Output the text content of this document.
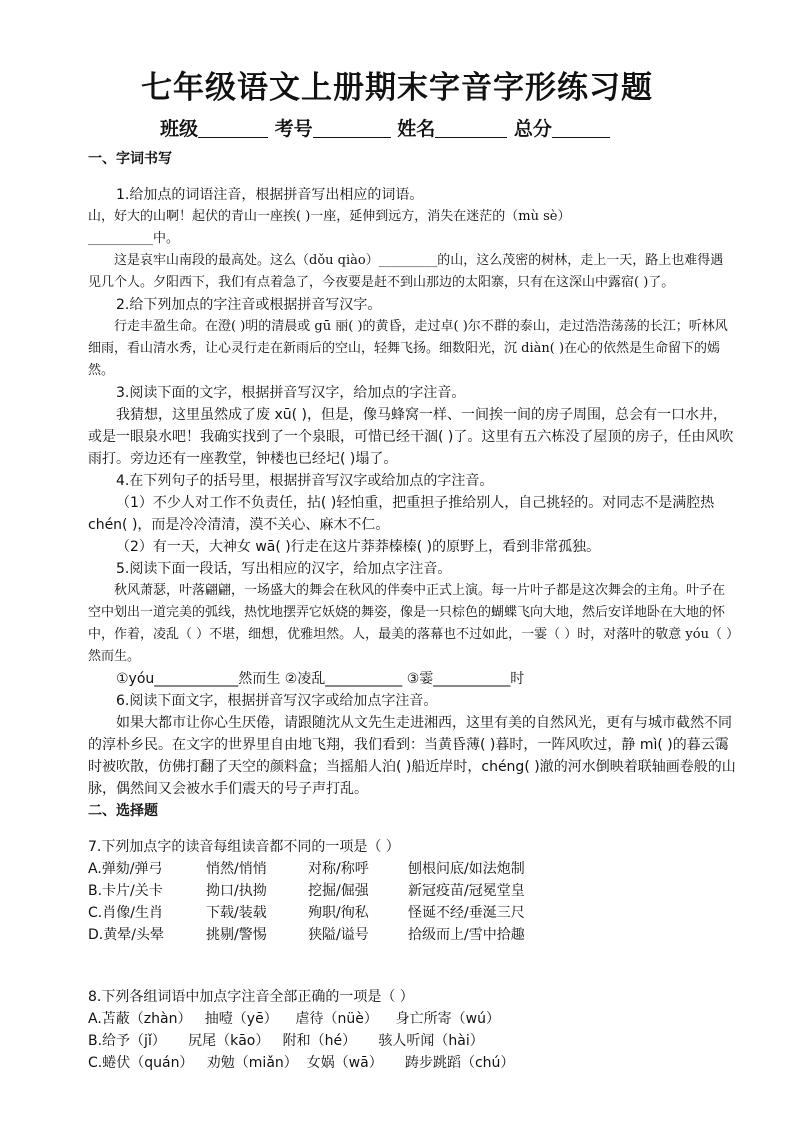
七年级语文上册期末字音字形练习题
班级	考号	姓名	总分

一、字词书写

1.给加点的词语注音，根据拼音写出相应的词语。

山，好大的山啊！起伏的青山一座挨( )一座，延伸到远方，消失在迷茫的（mù sè）

__________中。

这是哀牢山南段的最高处。这么（dǒu qiào）_________的山，这么茂密的树林，走上一天，路上也难得遇见几个人。夕阳西下，我们有点着急了，今夜要是赶不到山那边的太阳寨，只有在这深山中露宿( )了。

2.给下列加点的字注音或根据拼音写汉字。

行走丰盈生命。在澄( )明的清晨或 gū 丽( )的黄昏，走过卓( )尔不群的泰山，走过浩浩荡荡的长江；听林风细雨，看山清水秀，让心灵行走在新雨后的空山，轻舞飞扬。细数阳光，沉 diàn( )在心的依然是生命留下的嫣然。

3.阅读下面的文字，根据拼音写汉字，给加点的字注音。

我猜想，这里虽然成了废 xū( )，但是，像马蜂窝一样、一间挨一间的房子周围，总会有一口水井，或是一眼泉水吧！我确实找到了一个泉眼，可惜已经干涸( )了。这里有五六栋没了屋顶的房子，任由风吹雨打。旁边还有一座教堂，钟楼也已经圮( )塌了。

4.在下列句子的括号里，根据拼音写汉字或给加点的字注音。

（1）不少人对工作不负责任，拈( )轻怕重，把重担子推给别人，自己挑轻的。对同志不是满腔热 chén( )，而是冷冷清清，漠不关心、麻木不仁。

（2）有一天，大神女 wā( )行走在这片莽莽榛榛( )的原野上，看到非常孤独。

5.阅读下面一段话，写出相应的汉字，给加点字注音。

秋风萧瑟，叶落翩翩，一场盛大的舞会在秋风的伴奏中正式上演。每一片叶子都是这次舞会的主角。叶子在空中划出一道完美的弧线，热忱地摆弄它妖娆的舞姿，像是一只棕色的蝴蝶飞向大地，然后安详地卧在大地的怀中，作着，凌乱（ ）不堪，细想，优雅坦然。人，最美的落幕也不过如此，一霎（ ）时，对落叶的敬意 yóu（ ）然而生。

①yóu____________然而生 ②凌乱___________ ③霎___________时

6.阅读下面文字，根据拼音写汉字或给加点字注音。

如果大都市让你心生厌倦，请跟随沈从文先生走进湘西，这里有美的自然风光，更有与城市截然不同的淳朴乡民。在文字的世界里自由地飞翔，我们看到：当黄昏薄( )暮时，一阵风吹过，静 mì( )的暮云霭时被吹散，仿佛打翻了天空的颜料盒；当摇船人泊( )船近岸时，chéng( )澈的河水倒映着联轴画卷般的山脉，偶然间又会被水手们震天的号子声打乱。

二、选择题

7.下列加点字的读音每组读音都不同的一项是（ ）

A.弹劾/弹弓	悄然/悄悄	对称/称呼	刨根问底/如法炮制
B.卡片/关卡	拗口/执拗	挖掘/倔强	新冠疫苗/冠冕堂皇
C.肖像/生肖	下载/装载	殉职/徇私	怪诞不经/垂涎三尺
D.黄晕/头晕	挑剔/警惕	狭隘/谥号	拾级而上/雪中拾趣

8.下列各组词语中加点字注音全部正确的一项是（ ）

A.苫蔽（zhàn）   抽噎（yē）    虐待（nüè）    身亡所寄（wú）

B.给予（jǐ）     尻尾（kāo）   附和（hé）     骇人听闻（hài）

C.蜷伏（quán）   劝勉（miǎn）  女娲（wā）     踌步跳蹈（chú）
